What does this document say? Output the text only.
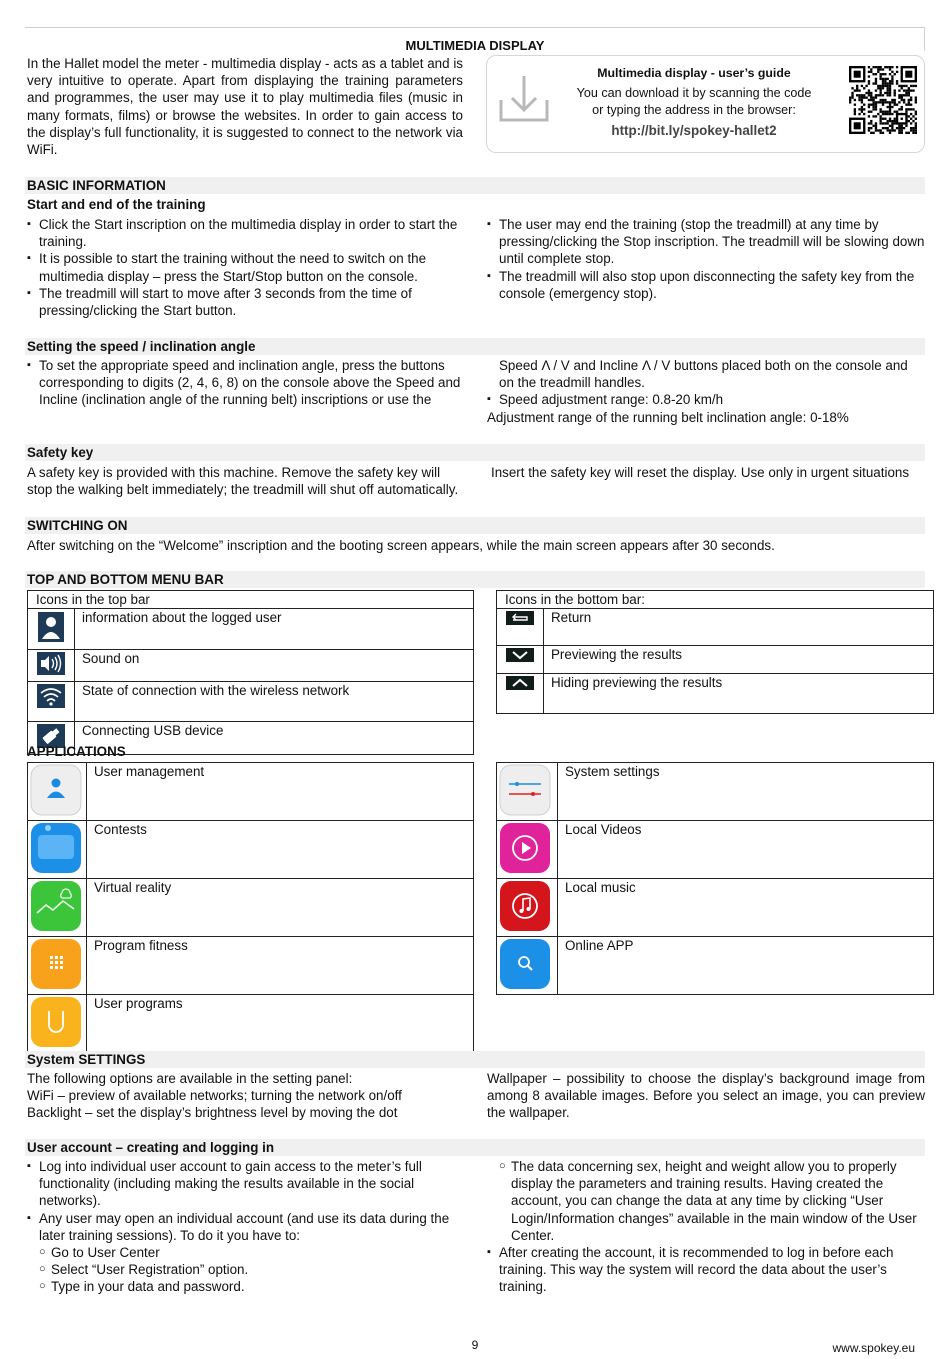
MULTIMEDIA DISPLAY
In the Hallet model the meter - multimedia display - acts as a tablet and is very intuitive to operate. Apart from displaying the training parameters and programmes, the user may use it to play multimedia files (music in many formats, films) or browse the websites. In order to gain access to the display’s full functionality, it is suggested to connect to the network via WiFi.
Multimedia display - user’s guide
You can download it by scanning the code
or typing the address in the browser:
http://bit.ly/spokey-hallet2
BASIC INFORMATION
Start and end of the training
▪ Click the Start inscription on the multimedia display in order to start the training.
▪ It is possible to start the training without the need to switch on the multimedia display – press the Start/Stop button on the console.
▪ The treadmill will start to move after 3 seconds from the time of pressing/clicking the Start button.
▪ The user may end the training (stop the treadmill) at any time by pressing/clicking the Stop inscription. The treadmill will be slowing down until complete stop.
▪ The treadmill will also stop upon disconnecting the safety key from the console (emergency stop).
Setting the speed / inclination angle
▪ To set the appropriate speed and inclination angle, press the buttons corresponding to digits (2, 4, 6, 8) on the console above the Speed and Incline (inclination angle of the running belt) inscriptions or use the
Speed Λ / V and Incline Λ / V buttons placed both on the console and on the treadmill handles.
▪ Speed adjustment range: 0.8-20 km/h
Adjustment range of the running belt inclination angle: 0-18%
Safety key
A safety key is provided with this machine. Remove the safety key will stop the walking belt immediately; the treadmill will shut off automatically.
Insert the safety key will reset the display. Use only in urgent situations
SWITCHING ON
After switching on the “Welcome” inscription and the booting screen appears, while the main screen appears after 30 seconds.
TOP AND BOTTOM MENU BAR
Icons in the top bar	
	information about the logged user
	Sound on
	State of connection with the wireless network
	Connecting USB device
Icons in the bottom bar:	
	Return
	Previewing the results
	Hiding previewing the results
APPLICATIONS
	User management
	Contests
	Virtual reality
	Program fitness
	User programs
	System settings
	Local Videos
	Local music
	Online APP
System SETTINGS
The following options are available in the setting panel:
WiFi – preview of available networks; turning the network on/off
Backlight – set the display’s brightness level by moving the dot
Wallpaper – possibility to choose the display’s background image from among 8 available images. Before you select an image, you can preview the wallpaper.
User account – creating and logging in
▪ Log into individual user account to gain access to the meter’s full functionality (including making the results available in the social networks).
▪ Any user may open an individual account (and use its data during the later training sessions). To do it you have to:
○ Go to User Center
○ Select “User Registration” option.
○ Type in your data and password.
○ The data concerning sex, height and weight allow you to properly display the parameters and training results. Having created the account, you can change the data at any time by clicking “User Login/Information changes” available in the main window of the User Center.
▪ After creating the account, it is recommended to log in before each training. This way the system will record the data about the user’s training.
9	www.spokey.eu
